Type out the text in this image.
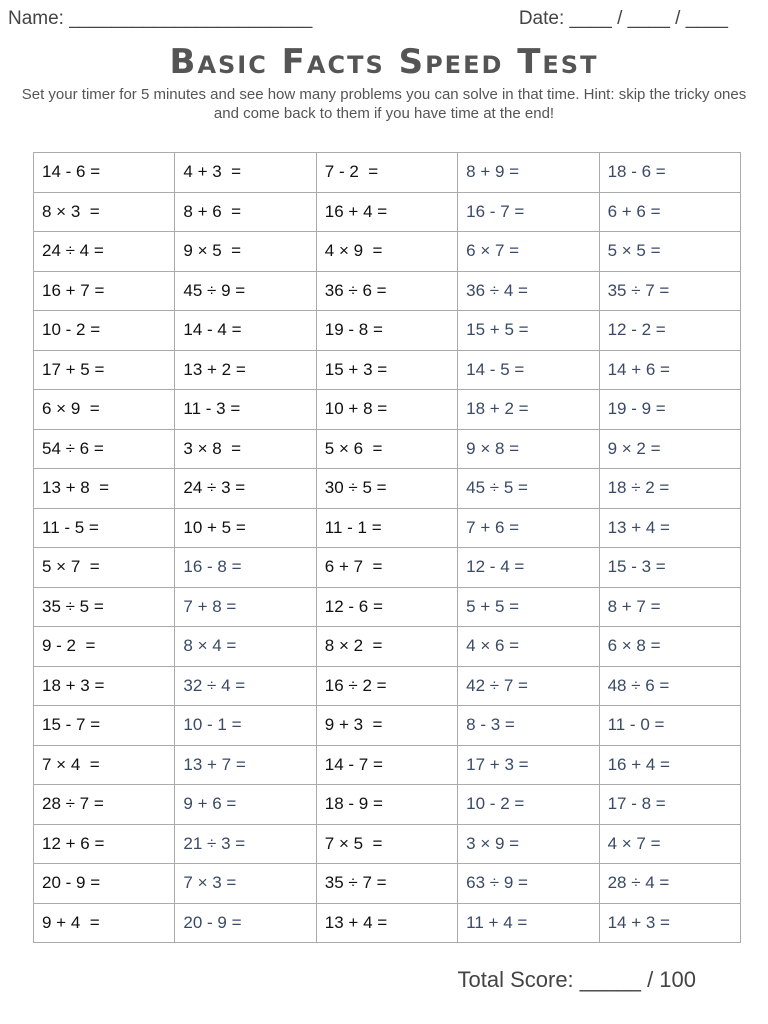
Name: _______________________	Date: ____ / ____ / ____
Basic Facts Speed Test
Set your timer for 5 minutes and see how many problems you can solve in that time. Hint: skip the tricky ones and come back to them if you have time at the end!
14 - 6 =	4 + 3  =	7 - 2  =	8 + 9 =	18 - 6 =
8 × 3  =	8 + 6  =	16 + 4 =	16 - 7 =	6 + 6 =
24 ÷ 4 =	9 × 5  =	4 × 9  =	6 × 7 =	5 × 5 =
16 + 7 =	45 ÷ 9 =	36 ÷ 6 =	36 ÷ 4 =	35 ÷ 7 =
10 - 2 =	14 - 4 =	19 - 8 =	15 + 5 =	12 - 2 =
17 + 5 =	13 + 2 =	15 + 3 =	14 - 5 =	14 + 6 =
6 × 9  =	11 - 3 =	10 + 8 =	18 + 2 =	19 - 9 =
54 ÷ 6 =	3 × 8  =	5 × 6  =	9 × 8 =	9 × 2 =
13 + 8  =	24 ÷ 3 =	30 ÷ 5 =	45 ÷ 5 =	18 ÷ 2 =
11 - 5 =	10 + 5 =	11 - 1 =	7 + 6 =	13 + 4 =
5 × 7  =	16 - 8 =	6 + 7  =	12 - 4 =	15 - 3 =
35 ÷ 5 =	7 + 8 =	12 - 6 =	5 + 5 =	8 + 7 =
9 - 2  =	8 × 4 =	8 × 2  =	4 × 6 =	6 × 8 =
18 + 3 =	32 ÷ 4 =	16 ÷ 2 =	42 ÷ 7 =	48 ÷ 6 =
15 - 7 =	10 - 1 =	9 + 3  =	8 - 3 =	11 - 0 =
7 × 4  =	13 + 7 =	14 - 7 =	17 + 3 =	16 + 4 =
28 ÷ 7 =	9 + 6 =	18 - 9 =	10 - 2 =	17 - 8 =
12 + 6 =	21 ÷ 3 =	7 × 5  =	3 × 9 =	4 × 7 =
20 - 9 =	7 × 3 =	35 ÷ 7 =	63 ÷ 9 =	28 ÷ 4 =
9 + 4  =	20 - 9 =	13 + 4 =	11 + 4 =	14 + 3 =
Total Score: _____ / 100
